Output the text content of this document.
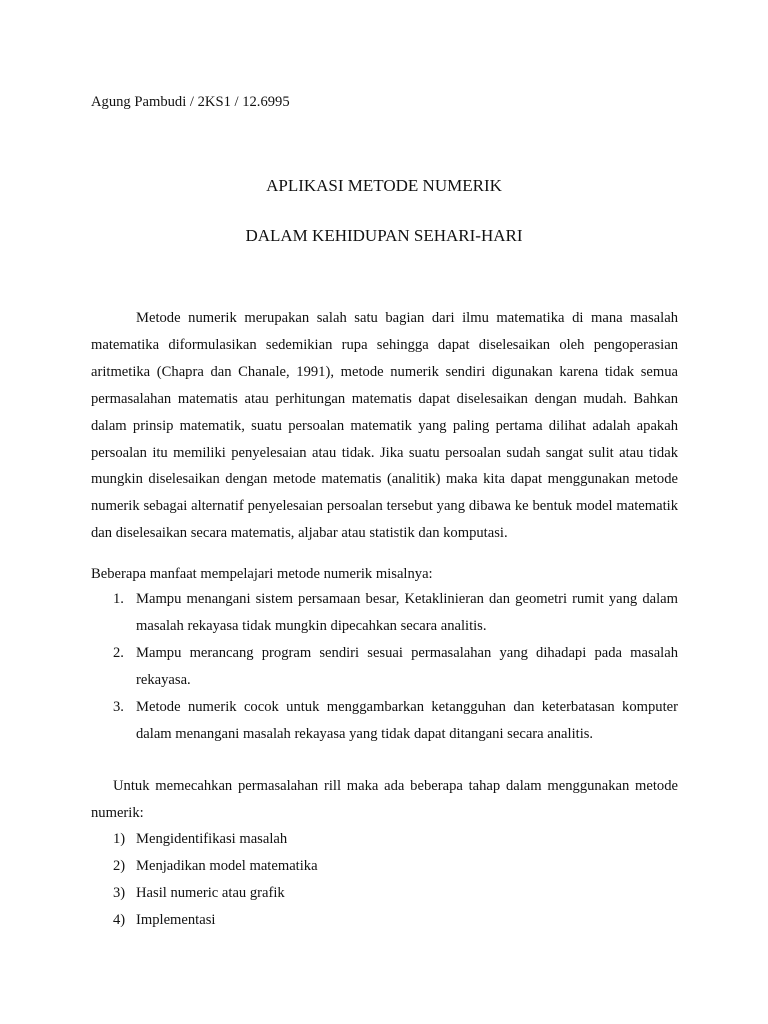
Agung Pambudi / 2KS1 / 12.6995
APLIKASI METODE NUMERIK
DALAM KEHIDUPAN SEHARI-HARI

Metode numerik merupakan salah satu bagian dari ilmu matematika di mana masalah matematika diformulasikan sedemikian rupa sehingga dapat diselesaikan oleh pengoperasian aritmetika (Chapra dan Chanale, 1991), metode numerik sendiri digunakan karena tidak semua permasalahan matematis atau perhitungan matematis dapat diselesaikan dengan mudah. Bahkan dalam prinsip matematik, suatu persoalan matematik yang paling pertama dilihat adalah apakah persoalan itu memiliki penyelesaian atau tidak. Jika suatu persoalan sudah sangat sulit atau tidak mungkin diselesaikan dengan metode matematis (analitik) maka kita dapat menggunakan metode numerik sebagai alternatif penyelesaian persoalan tersebut yang dibawa ke bentuk model matematik dan diselesaikan secara matematis, aljabar atau statistik dan komputasi.

Beberapa manfaat mempelajari metode numerik misalnya:

1. Mampu menangani sistem persamaan besar, Ketaklinieran dan geometri rumit yang dalam masalah rekayasa tidak mungkin dipecahkan secara analitis.
2. Mampu merancang program sendiri sesuai permasalahan yang dihadapi pada masalah rekayasa.
3. Metode numerik cocok untuk menggambarkan ketangguhan dan keterbatasan komputer dalam menangani masalah rekayasa yang tidak dapat ditangani secara analitis.

Untuk memecahkan permasalahan rill maka ada beberapa tahap dalam menggunakan metode numerik:

1) Mengidentifikasi masalah
2) Menjadikan model matematika
3) Hasil numeric atau grafik
4) Implementasi
